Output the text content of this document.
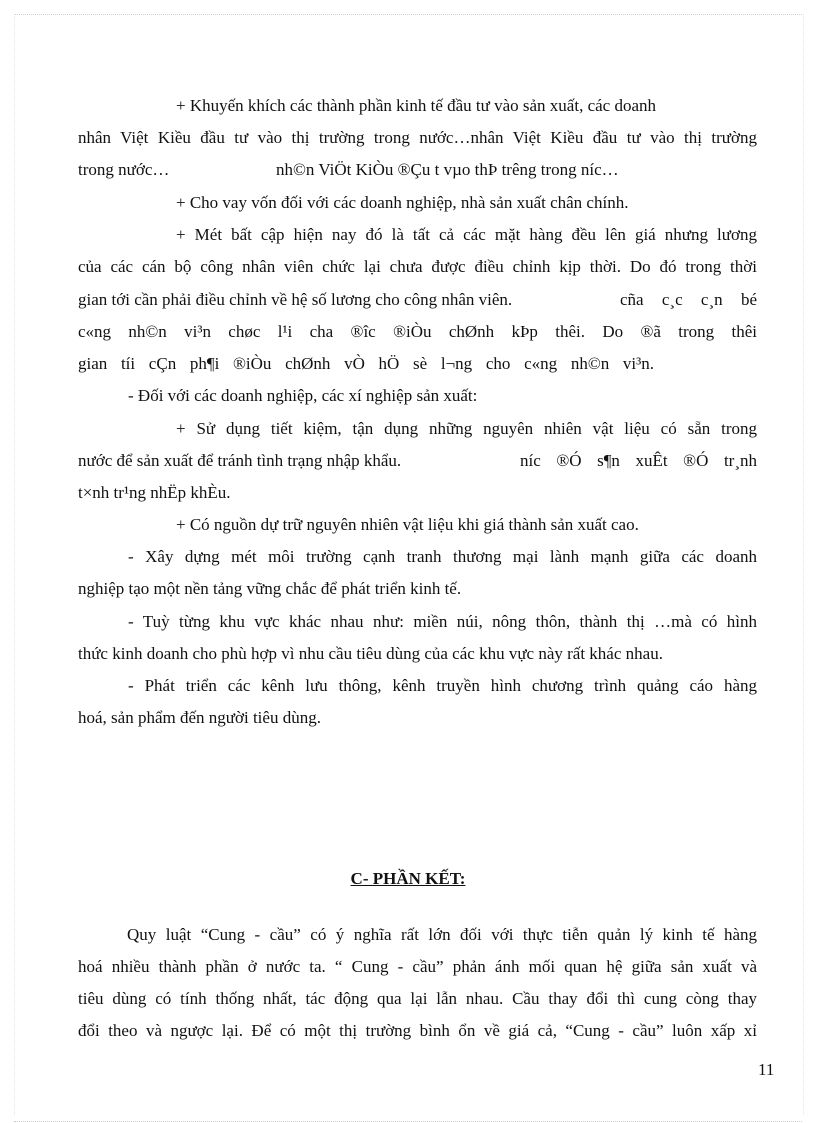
+ Khuyến khích các thành phần kinh tế đầu tư vào sản xuất, các doanh
nhân Việt Kiều đầu tư vào thị trường trong nước…nhân Việt Kiều đầu tư vào thị trường
trong nước…	nh©n ViÖt KiÒu ®Çu t vµo thÞ trêng trong níc…
+ Cho vay vốn đối với các doanh nghiệp, nhà sản xuất chân chính.
+ Mét bất cập hiện nay đó là tất cả các mặt hàng đều lên giá nhưng lương
của các cán bộ công nhân viên chức lại chưa được điều chỉnh kịp thời. Do đó trong thời
gian tới cần phải điều chỉnh về hệ số lương cho công nhân viên.	cña c¸c c¸n bé
c«ng nh©n vi³n chøc l¹i cha ®îc ®iÒu chØnh kÞp thêi. Do ®ã trong thêi
gian tíi cÇn ph¶i ®iÒu chØnh vÒ hÖ sè l¬ng cho c«ng nh©n vi³n.
- Đối với các doanh nghiệp, các xí nghiệp sản xuất:
+ Sử dụng tiết kiệm, tận dụng những nguyên nhiên vật liệu có sẵn trong
nước để sản xuất để tránh tình trạng nhập khẩu.	níc ®Ó s¶n xuÊt ®Ó tr¸nh
t×nh tr¹ng nhËp khÈu.
+ Có nguồn dự trữ nguyên nhiên vật liệu khi giá thành sản xuất cao.
- Xây dựng mét môi trường cạnh tranh thương mại lành mạnh giữa các doanh
nghiệp tạo một nền tảng vững chắc để phát triển kinh tế.
- Tuỳ từng khu vực khác nhau như: miền núi, nông thôn, thành thị …mà có hình
thức kinh doanh cho phù hợp vì nhu cầu tiêu dùng của các khu vực này rất khác nhau.
- Phát triển các kênh lưu thông, kênh truyền hình chương trình quảng cáo hàng
hoá, sản phẩm đến người tiêu dùng.
C- PHẦN KẾT:
Quy luật “Cung - cầu” có ý nghĩa rất lớn đối với thực tiễn quản lý kinh tế hàng
hoá nhiều thành phần ở nước ta. “ Cung - cầu” phản ánh mối quan hệ giữa sản xuất và
tiêu dùng có tính thống nhất, tác động qua lại lẫn nhau. Cầu thay đổi thì cung còng thay
đổi theo và ngược lại. Để có một thị trường bình ổn về giá cả, “Cung - cầu” luôn xấp xỉ
11
